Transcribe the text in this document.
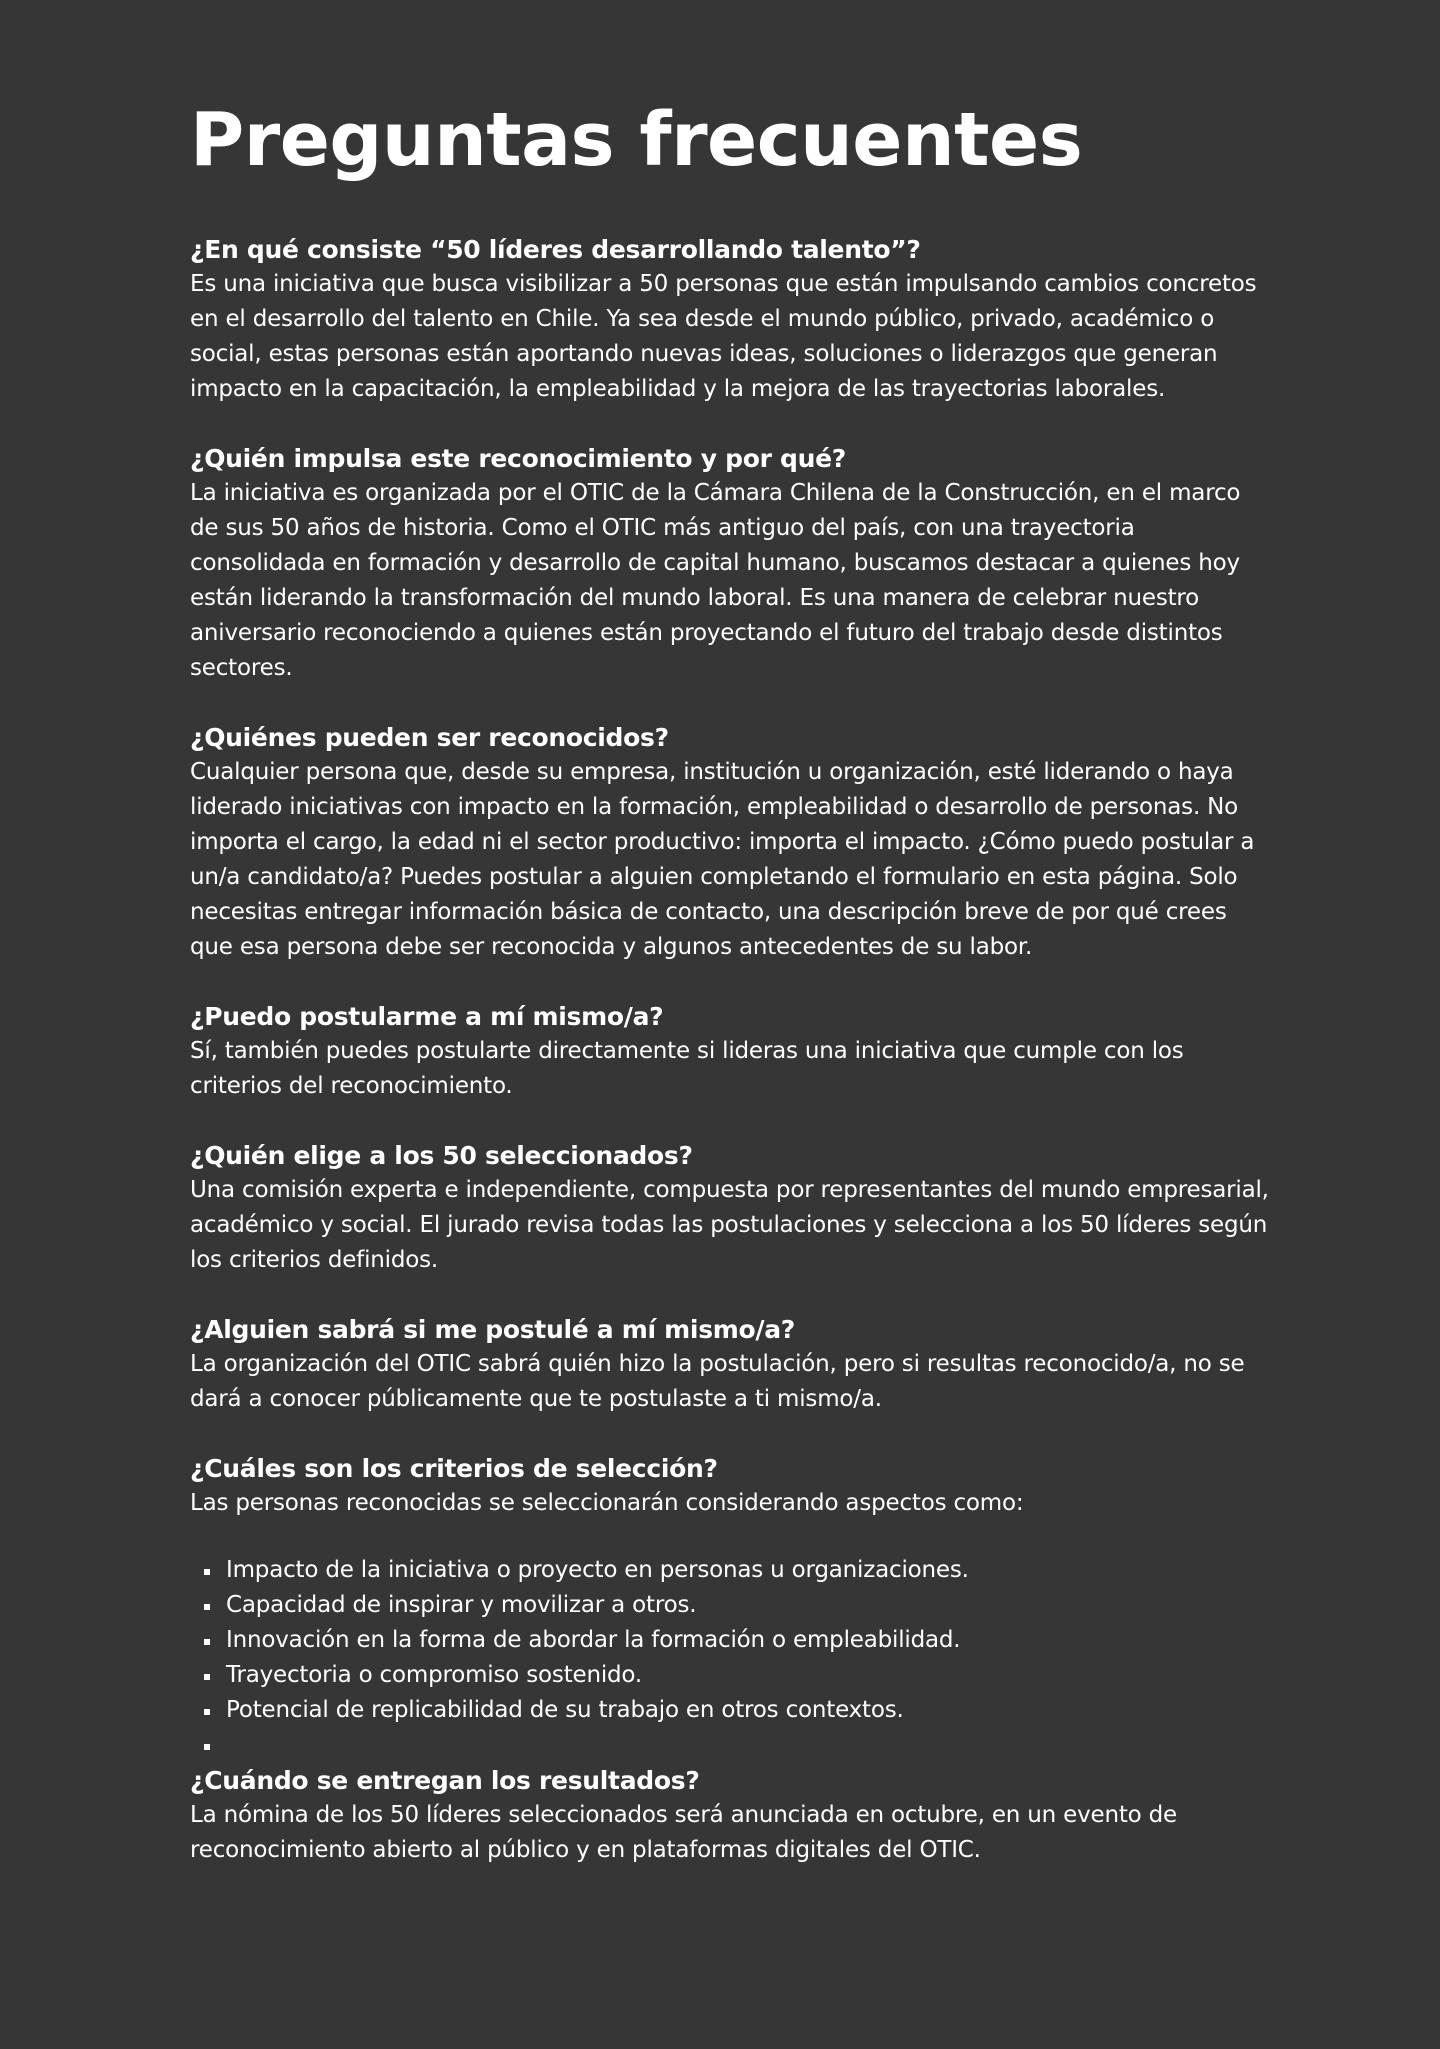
Preguntas frecuentes
¿En qué consiste “50 líderes desarrollando talento”?

Es una iniciativa que busca visibilizar a 50 personas que están impulsando cambios concretos en el desarrollo del talento en Chile. Ya sea desde el mundo público, privado, académico o social, estas personas están aportando nuevas ideas, soluciones o liderazgos que generan impacto en la capacitación, la empleabilidad y la mejora de las trayectorias laborales.

¿Quién impulsa este reconocimiento y por qué?

La iniciativa es organizada por el OTIC de la Cámara Chilena de la Construcción, en el marco de sus 50 años de historia. Como el OTIC más antiguo del país, con una trayectoria consolidada en formación y desarrollo de capital humano, buscamos destacar a quienes hoy están liderando la transformación del mundo laboral. Es una manera de celebrar nuestro aniversario reconociendo a quienes están proyectando el futuro del trabajo desde distintos sectores.

¿Quiénes pueden ser reconocidos?

Cualquier persona que, desde su empresa, institución u organización, esté liderando o haya liderado iniciativas con impacto en la formación, empleabilidad o desarrollo de personas. No importa el cargo, la edad ni el sector productivo: importa el impacto. ¿Cómo puedo postular a un/a candidato/a? Puedes postular a alguien completando el formulario en esta página. Solo necesitas entregar información básica de contacto, una descripción breve de por qué crees que esa persona debe ser reconocida y algunos antecedentes de su labor.

¿Puedo postularme a mí mismo/a?

Sí, también puedes postularte directamente si lideras una iniciativa que cumple con los criterios del reconocimiento.

¿Quién elige a los 50 seleccionados?

Una comisión experta e independiente, compuesta por representantes del mundo empresarial, académico y social. El jurado revisa todas las postulaciones y selecciona a los 50 líderes según los criterios definidos.

¿Alguien sabrá si me postulé a mí mismo/a?

La organización del OTIC sabrá quién hizo la postulación, pero si resultas reconocido/a, no se dará a conocer públicamente que te postulaste a ti mismo/a.

¿Cuáles son los criterios de selección?

Las personas reconocidas se seleccionarán considerando aspectos como:

Impacto de la iniciativa o proyecto en personas u organizaciones.
Capacidad de inspirar y movilizar a otros.
Innovación en la forma de abordar la formación o empleabilidad.
Trayectoria o compromiso sostenido.
Potencial de replicabilidad de su trabajo en otros contextos.
¿Cuándo se entregan los resultados?

La nómina de los 50 líderes seleccionados será anunciada en octubre, en un evento de reconocimiento abierto al público y en plataformas digitales del OTIC.
